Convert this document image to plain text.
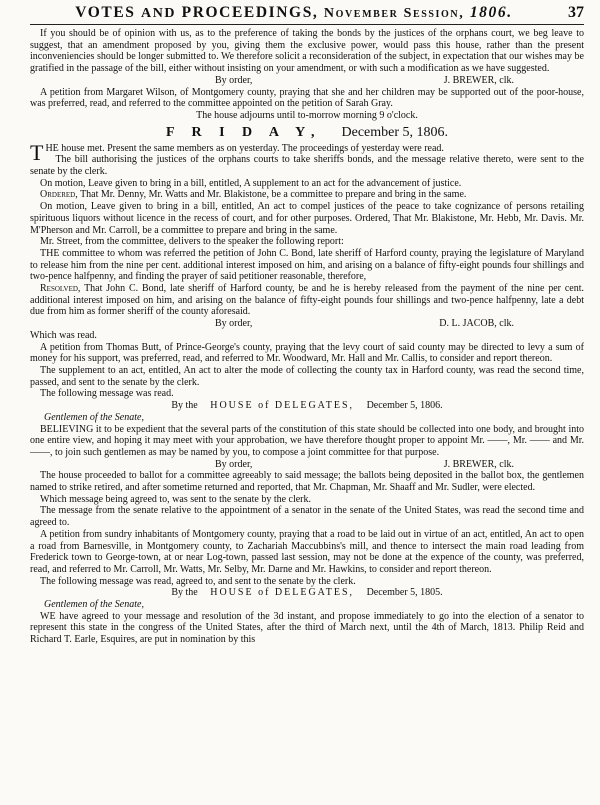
VOTES AND PROCEEDINGS, November Session, 1806.	37

If you should be of opinion with us, as to the preference of taking the bonds by the justices of the orphans court, we beg leave to suggest, that an amendment proposed by you, giving them the exclusive power, would pass this house, rather than the present inconveniencies should be longer submitted to. We therefore solicit a reconsideration of the subject, in expectation that our wishes may be gratified in the passage of the bill, either without insisting on your amendment, or with such a modification as we have suggested.

By order,	J. BREWER, clk.

A petition from Margaret Wilson, of Montgomery county, praying that she and her children may be supported out of the poor-house, was preferred, read, and referred to the committee appointed on the petition of Sarah Gray.

The house adjourns until to-morrow morning 9 o'clock.

F R I D A Y, December 5, 1806.

THE house met. Present the same members as on yesterday. The proceedings of yesterday were read.

The bill authorising the justices of the orphans courts to take sheriffs bonds, and the message relative thereto, were sent to the senate by the clerk.

On motion, Leave given to bring in a bill, entitled, A supplement to an act for the advancement of justice.

Ordered, That Mr. Denny, Mr. Watts and Mr. Blakistone, be a committee to prepare and bring in the same.

On motion, Leave given to bring in a bill, entitled, An act to compel justices of the peace to take cognizance of persons retailing spirituous liquors without licence in the recess of court, and for other purposes. Ordered, That Mr. Blakistone, Mr. Hebb, Mr. Davis. Mr. M'Pherson and Mr. Carroll, be a committee to prepare and bring in the same.

Mr. Street, from the committee, delivers to the speaker the following report:

THE committee to whom was referred the petition of John C. Bond, late sheriff of Harford county, praying the legislature of Maryland to release him from the nine per cent. additional interest imposed on him, and arising on a balance of fifty-eight pounds four shillings and two-pence halfpenny, and finding the prayer of said petitioner reasonable, therefore,

Resolved, That John C. Bond, late sheriff of Harford county, be and he is hereby released from the payment of the nine per cent. additional interest imposed on him, and arising on the balance of fifty-eight pounds four shillings and two-pence halfpenny, late a debt due from him as former sheriff of the county aforesaid.

By order,	D. L. JACOB, clk.

Which was read.

A petition from Thomas Butt, of Prince-George's county, praying that the levy court of said county may be directed to levy a sum of money for his support, was preferred, read, and referred to Mr. Woodward, Mr. Hall and Mr. Callis, to consider and report thereon.

The supplement to an act, entitled, An act to alter the mode of collecting the county tax in Harford county, was read the second time, passed, and sent to the senate by the clerk.

The following message was read.

By the HOUSE of DELEGATES, December 5, 1806.

Gentlemen of the Senate,

BELIEVING it to be expedient that the several parts of the constitution of this state should be collected into one body, and brought into one entire view, and hoping it may meet with your approbation, we have therefore thought proper to appoint Mr. ——, Mr. —— and Mr. ——, to join such gentlemen as may be named by you, to compose a joint committee for that purpose.

By order,	J. BREWER, clk.

The house proceeded to ballot for a committee agreeably to said message; the ballots being deposited in the ballot box, the gentlemen named to strike retired, and after sometime returned and reported, that Mr. Chapman, Mr. Shaaff and Mr. Sudler, were elected.

Which message being agreed to, was sent to the senate by the clerk.

The message from the senate relative to the appointment of a senator in the senate of the United States, was read the second time and agreed to.

A petition from sundry inhabitants of Montgomery county, praying that a road to be laid out in virtue of an act, entitled, An act to open a road from Barnesville, in Montgomery county, to Zachariah Maccubbins's mill, and thence to intersect the main road leading from Frederick town to George-town, at or near Log-town, passed last session, may not be done at the expence of the county, was preferred, read, and referred to Mr. Carroll, Mr. Watts, Mr. Selby, Mr. Darne and Mr. Hawkins, to consider and report thereon.

The following message was read, agreed to, and sent to the senate by the clerk.

By the HOUSE of DELEGATES, December 5, 1805.

Gentlemen of the Senate,

WE have agreed to your message and resolution of the 3d instant, and propose immediately to go into the election of a senator to represent this state in the congress of the United States, after the third of March next, until the 4th of March, 1813. Philip Reid and Richard T. Earle, Esquires, are put in nomination by this
